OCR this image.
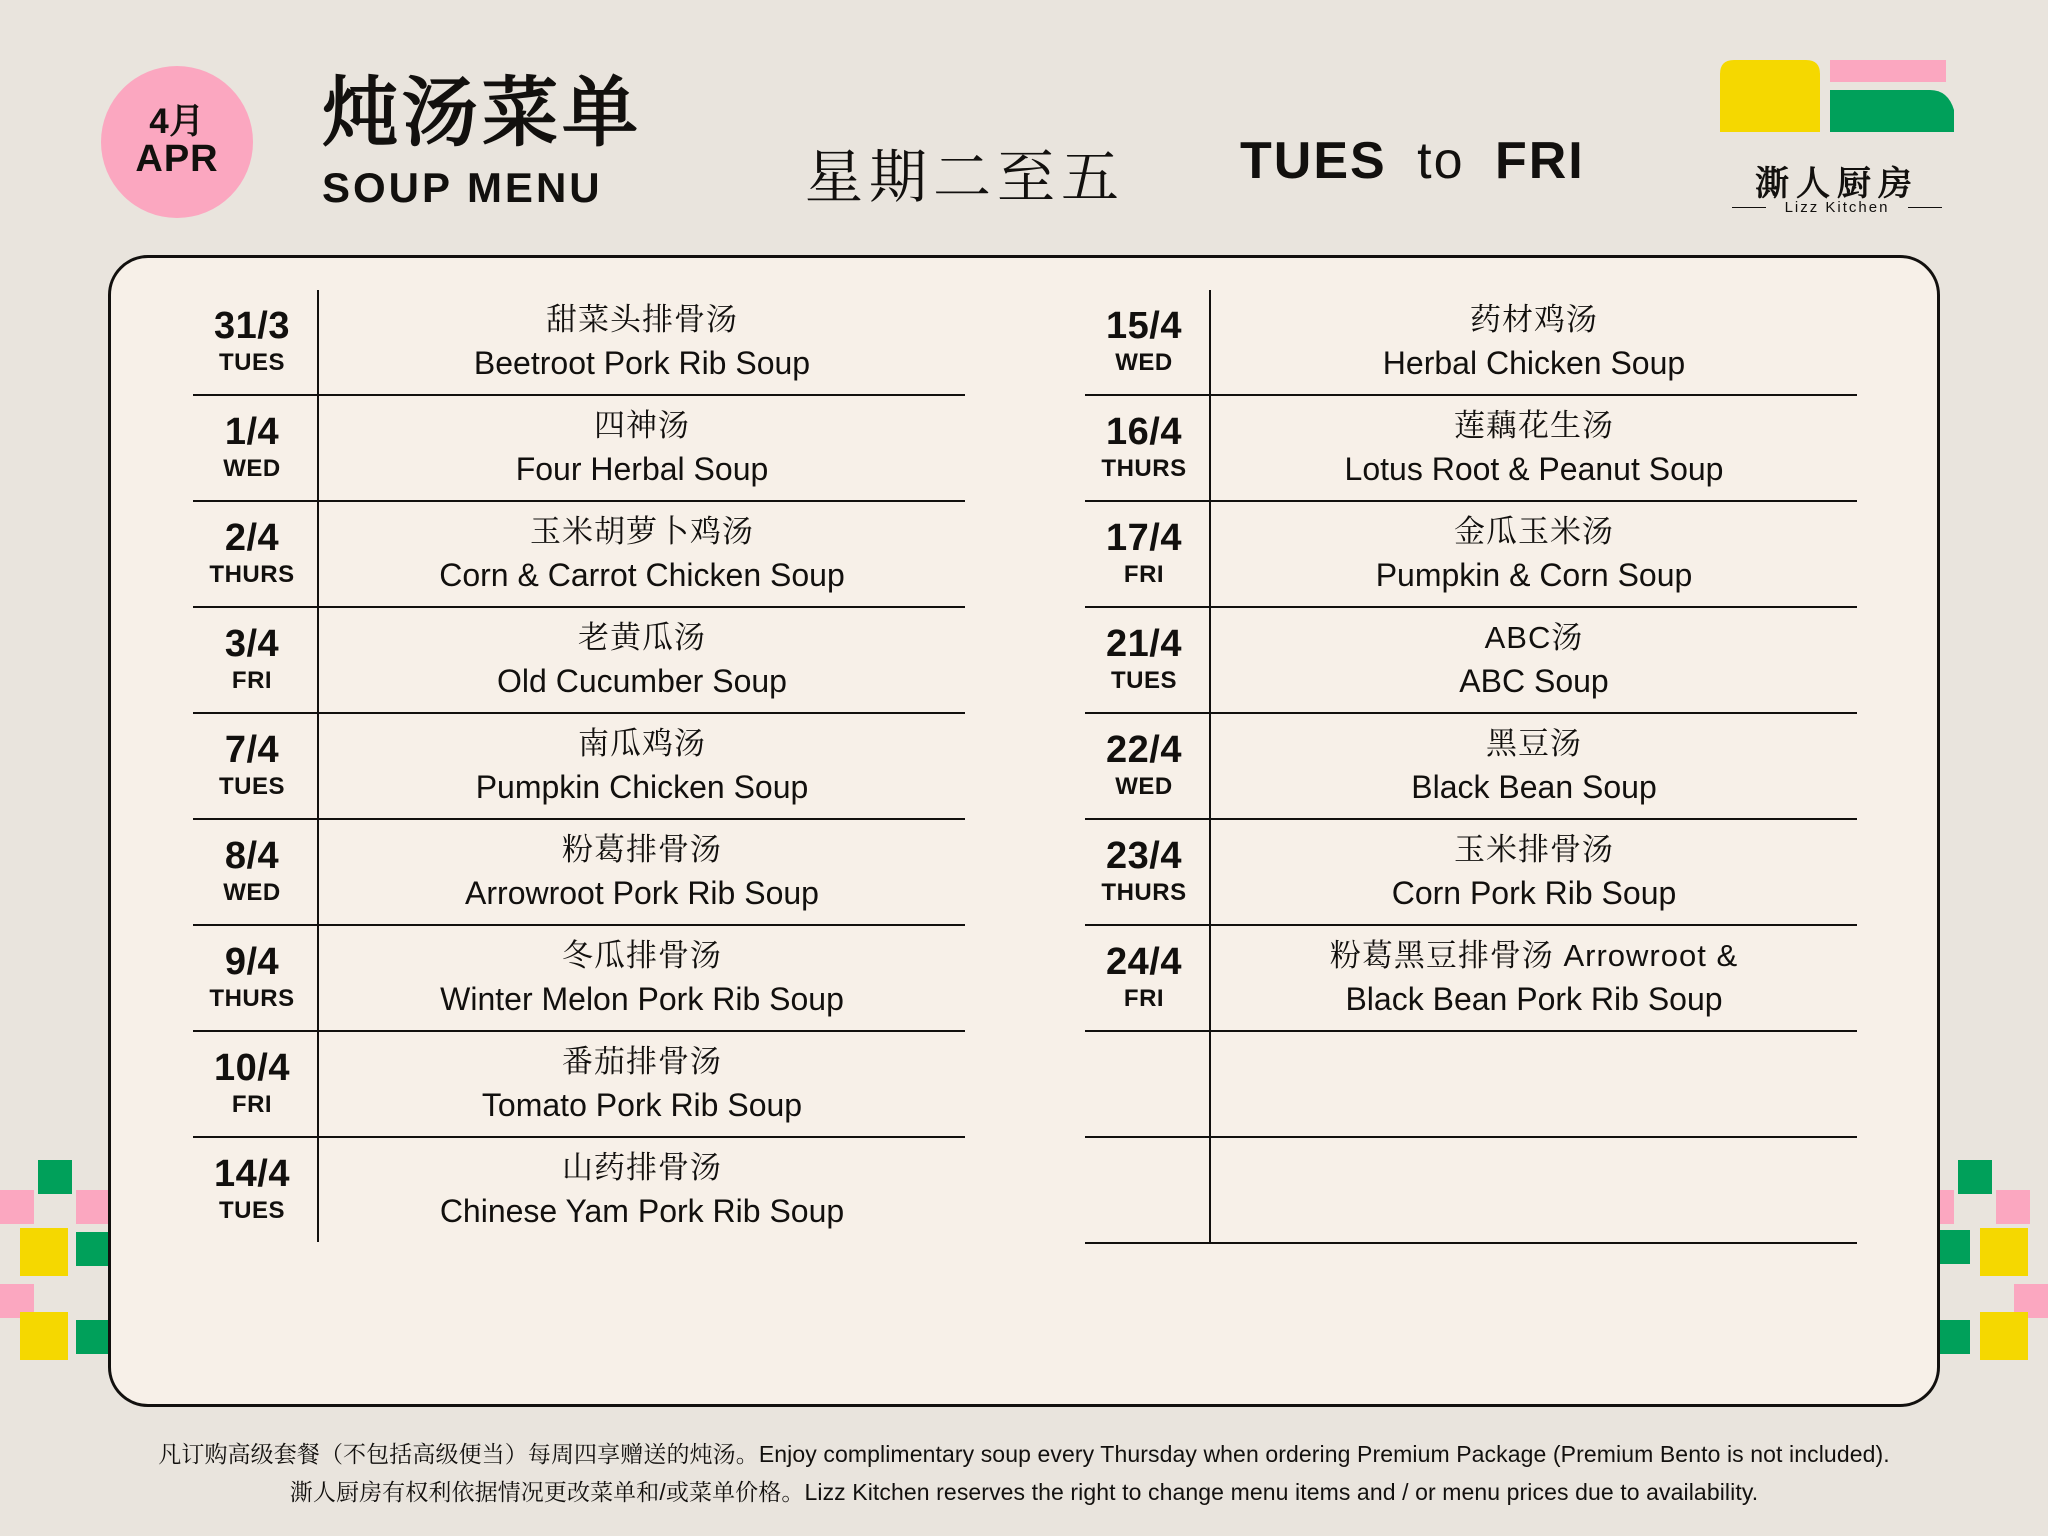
4月
APR
炖汤菜单
SOUP MENU	星期二至五 TUES to FRI	澌人厨房
Lizz Kitchen
31/3
TUES
甜菜头排骨汤
Beetroot Pork Rib Soup
1/4
WED
四神汤
Four Herbal Soup
2/4
THURS
玉米胡萝卜鸡汤
Corn & Carrot Chicken Soup
3/4
FRI
老黄瓜汤
Old Cucumber Soup
7/4
TUES
南瓜鸡汤
Pumpkin Chicken Soup
8/4
WED
粉葛排骨汤
Arrowroot Pork Rib Soup
9/4
THURS
冬瓜排骨汤
Winter Melon Pork Rib Soup
10/4
FRI
番茄排骨汤
Tomato Pork Rib Soup
14/4
TUES
山药排骨汤
Chinese Yam Pork Rib Soup
15/4
WED
药材鸡汤
Herbal Chicken Soup
16/4
THURS
莲藕花生汤
Lotus Root & Peanut Soup
17/4
FRI
金瓜玉米汤
Pumpkin & Corn Soup
21/4
TUES
ABC汤
ABC Soup
22/4
WED
黑豆汤
Black Bean Soup
23/4
THURS
玉米排骨汤
Corn Pork Rib Soup
24/4
FRI
粉葛黑豆排骨汤 Arrowroot &
Black Bean Pork Rib Soup
凡订购高级套餐（不包括高级便当）每周四享赠送的炖汤。Enjoy complimentary soup every Thursday when ordering Premium Package (Premium Bento is not included).
澌人厨房有权利依据情况更改菜单和/或菜单价格。Lizz Kitchen reserves the right to change menu items and / or menu prices due to availability.
